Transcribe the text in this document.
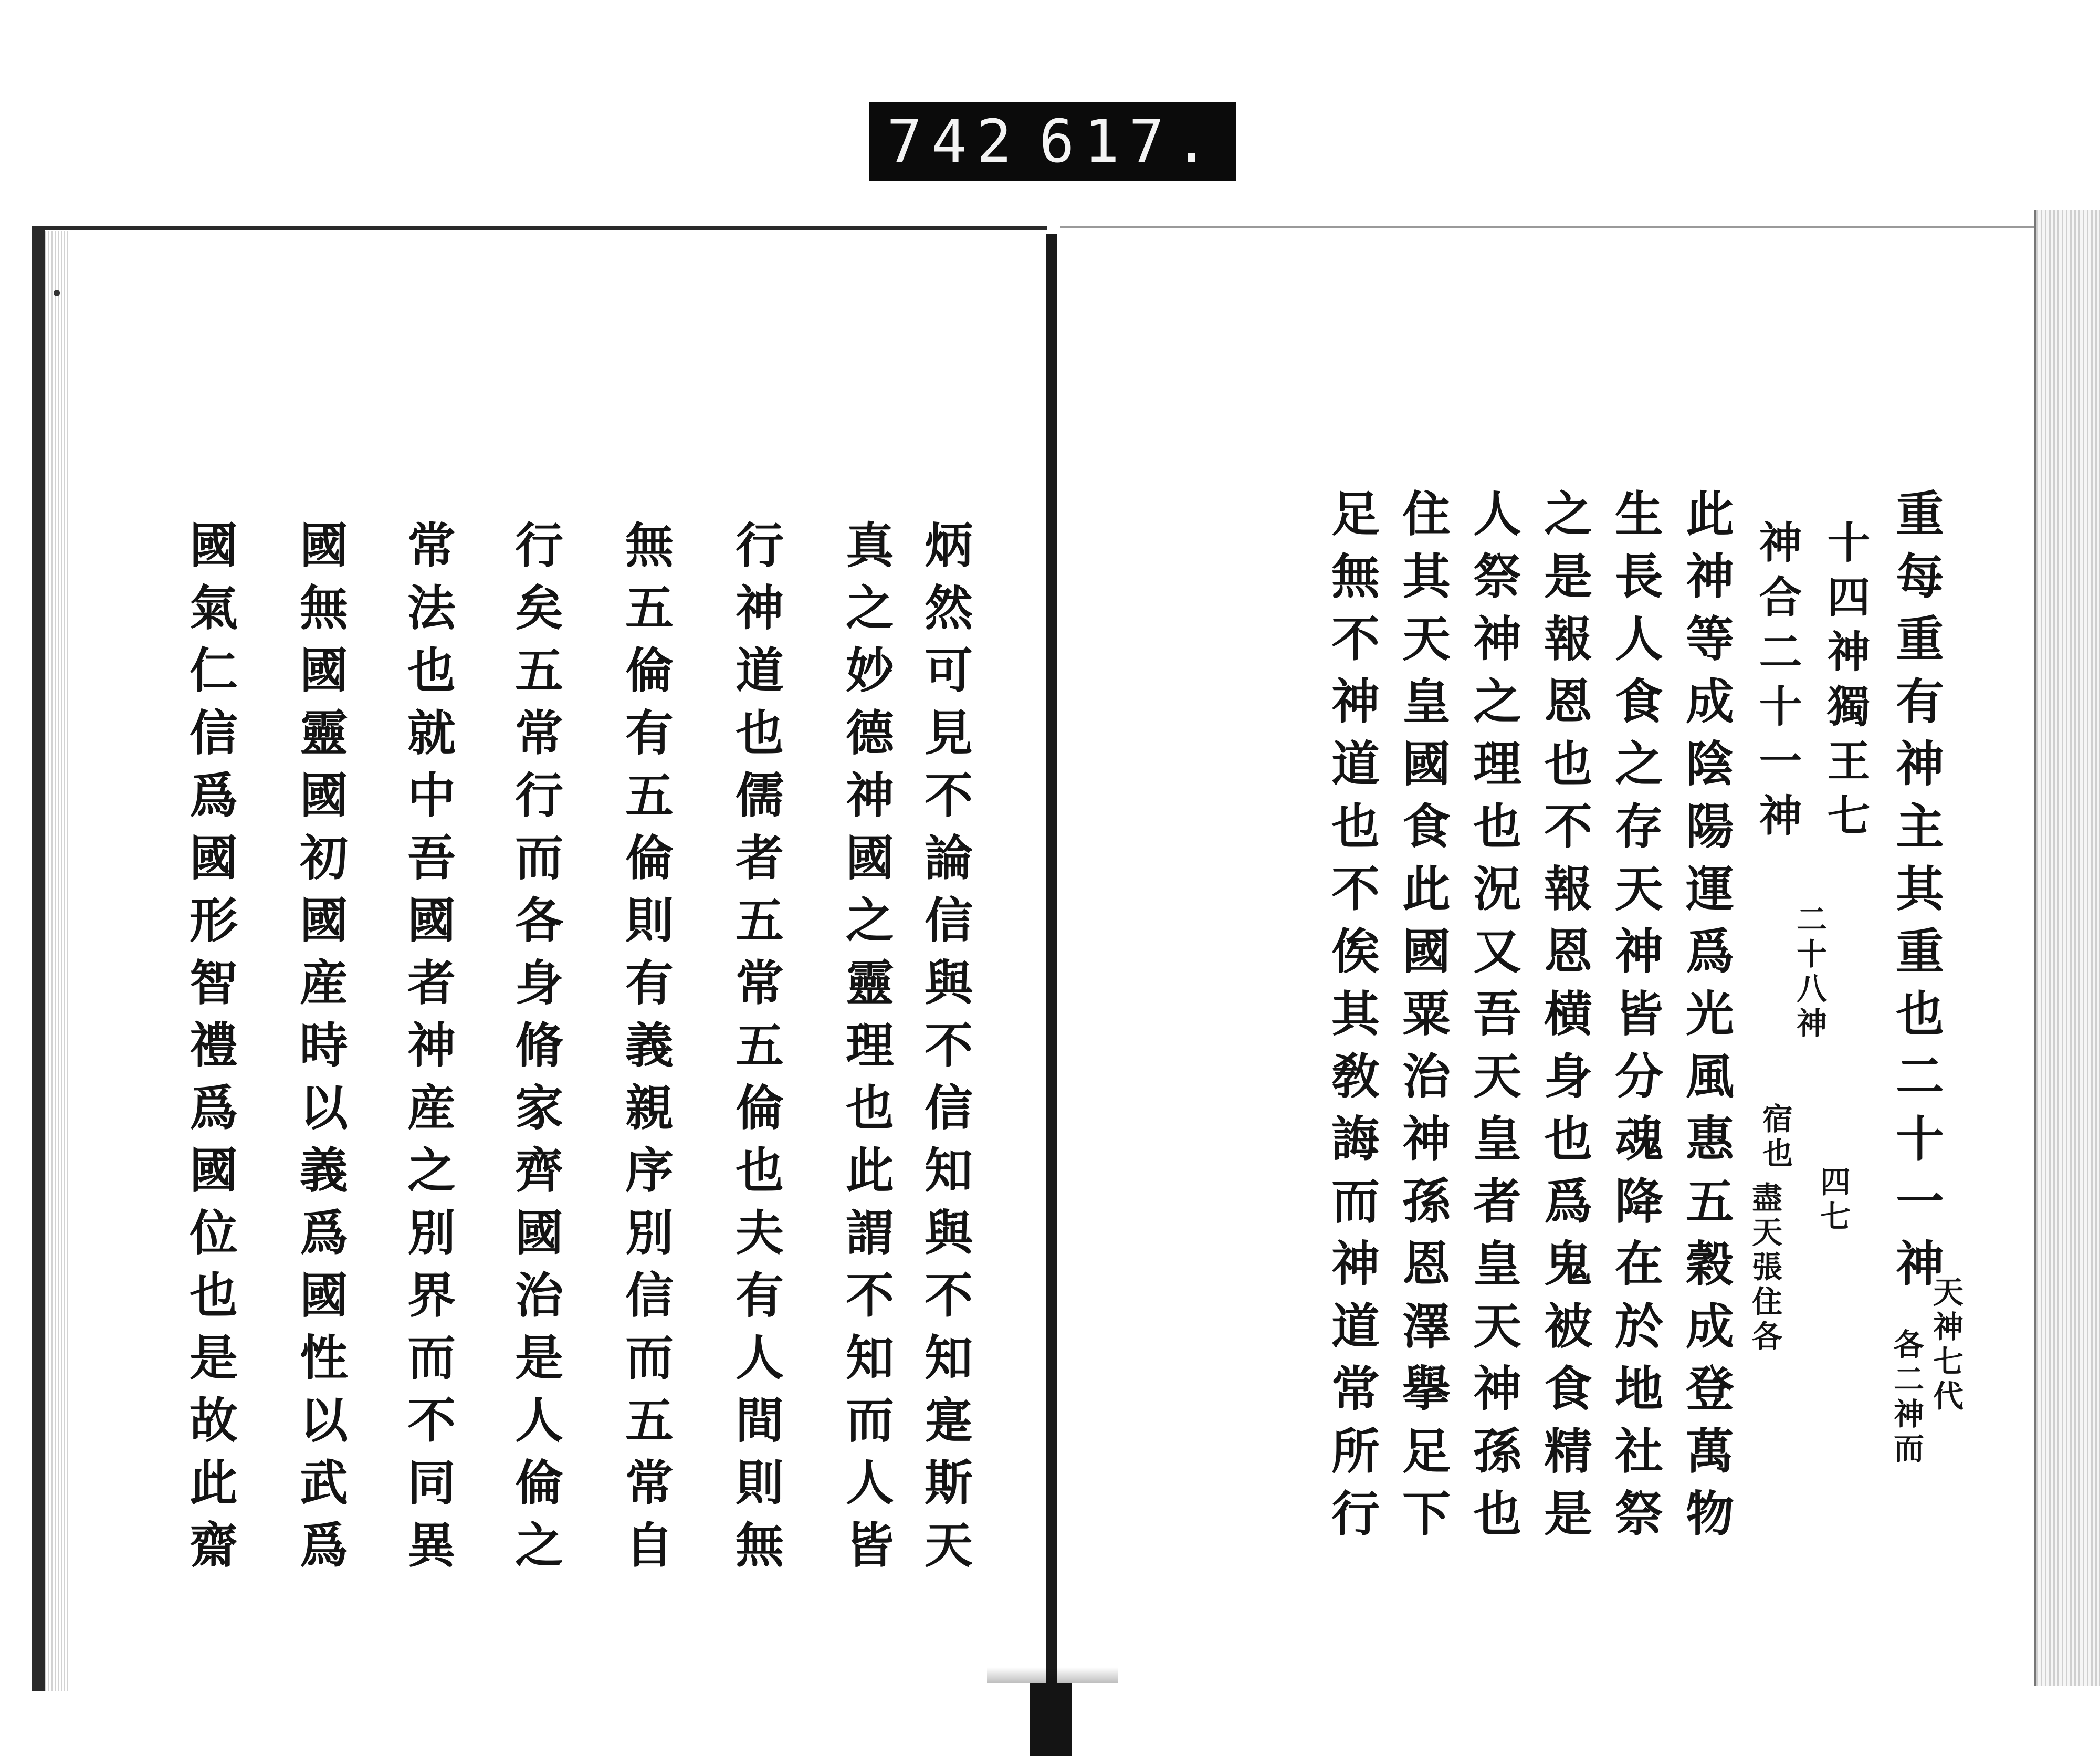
742 617.
重每重有神主其重也二十一神
十四神獨王七
神合二十一神
此神等成陰陽運爲光風惠五穀成登萬物
生長人食之存天神皆分魂降在於地社祭
之是報恩也不報恩横身也爲鬼被食精是
人祭神之理也況又吾天皇者皇天神孫也
住其天皇國食此國粟治神孫恩澤擧足下
足無不神道也不俟其敎誨而神道常所行	天神七代
各二神而
二十八神
四七
宿也
盡天張住各
炳然可見不論信與不信知與不知寔斯天
真之妙德神國之靈理也此謂不知而人皆
行神道也儒者五常五倫也夫有人間則無
無五倫有五倫則有義親序別信而五常自
行矣五常行而各身脩家齊國治是人倫之
常法也就中吾國者神産之別界而不同異
國無國靈國初國産時以義爲國性以武爲
國氣仁信爲國形智禮爲國位也是故此齋
